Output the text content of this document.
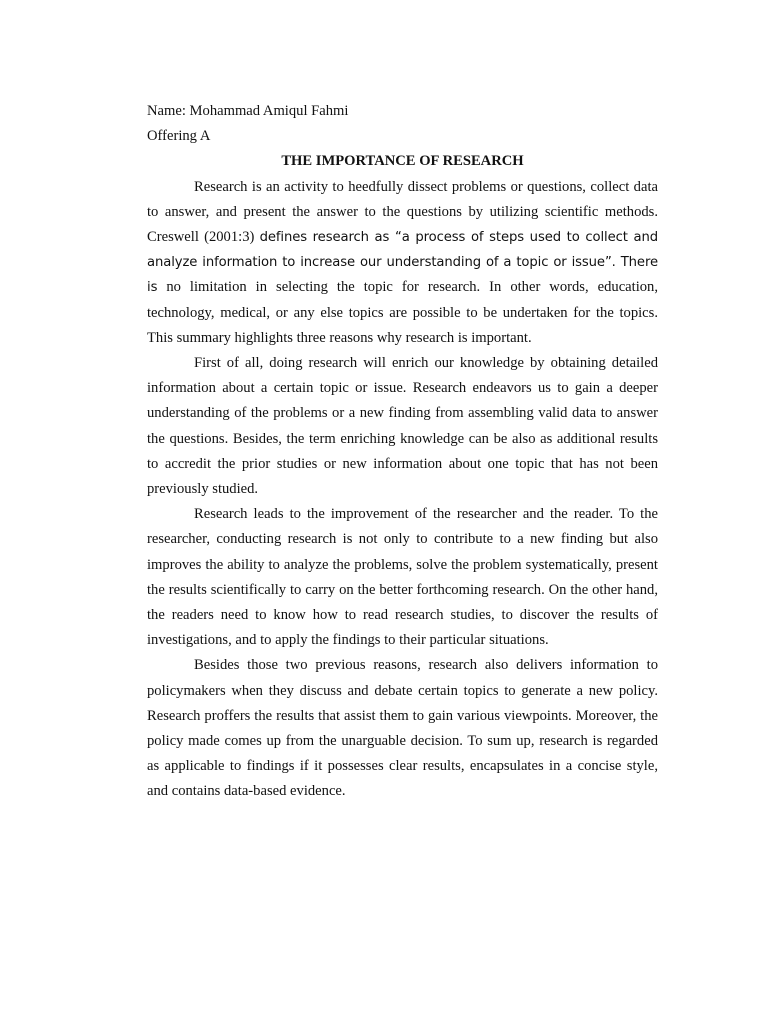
Name: Mohammad Amiqul Fahmi

Offering A

THE IMPORTANCE OF RESEARCH

Research is an activity to heedfully dissect problems or questions, collect data to answer, and present the answer to the questions by utilizing scientific methods. Creswell (2001:3) defines research as “a process of steps used to collect and analyze information to increase our understanding of a topic or issue”. There is no limitation in selecting the topic for research. In other words, education, technology, medical, or any else topics are possible to be undertaken for the topics. This summary highlights three reasons why research is important.

First of all, doing research will enrich our knowledge by obtaining detailed information about a certain topic or issue. Research endeavors us to gain a deeper understanding of the problems or a new finding from assembling valid data to answer the questions. Besides, the term enriching knowledge can be also as additional results to accredit the prior studies or new information about one topic that has not been previously studied.

Research leads to the improvement of the researcher and the reader. To the researcher, conducting research is not only to contribute to a new finding but also improves the ability to analyze the problems, solve the problem systematically, present the results scientifically to carry on the better forthcoming research. On the other hand, the readers need to know how to read research studies, to discover the results of investigations, and to apply the findings to their particular situations.

Besides those two previous reasons, research also delivers information to policymakers when they discuss and debate certain topics to generate a new policy. Research proffers the results that assist them to gain various viewpoints. Moreover, the policy made comes up from the unarguable decision. To sum up, research is regarded as applicable to findings if it possesses clear results, encapsulates in a concise style, and contains data-based evidence.
